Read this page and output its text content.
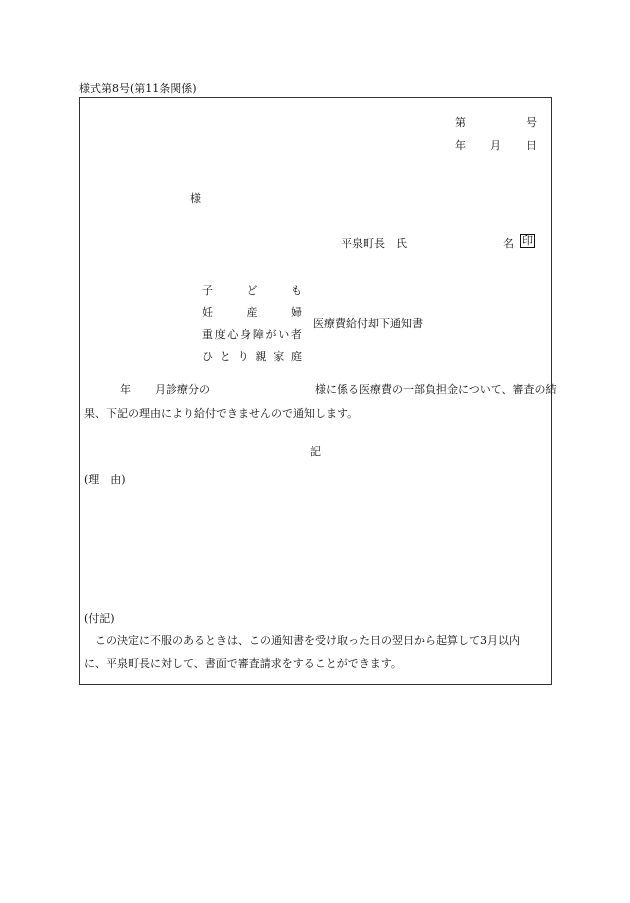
様式第8号(第11条関係)
第	号
年 月 日
様
平泉町長　氏	名 印
子	ど	も
妊	産	婦
重 度 心 身 障 が い 者
ひ と り 親 家 庭
医療費給付却下通知書
年 月診療分の	様に係る医療費の一部負担金について、審査の結
果、下記の理由により給付できませんので通知します。
記
(理　由)
(付記)
この決定に不服のあるときは、この通知書を受け取った日の翌日から起算して3月以内
に、平泉町長に対して、書面で審査請求をすることができます。
